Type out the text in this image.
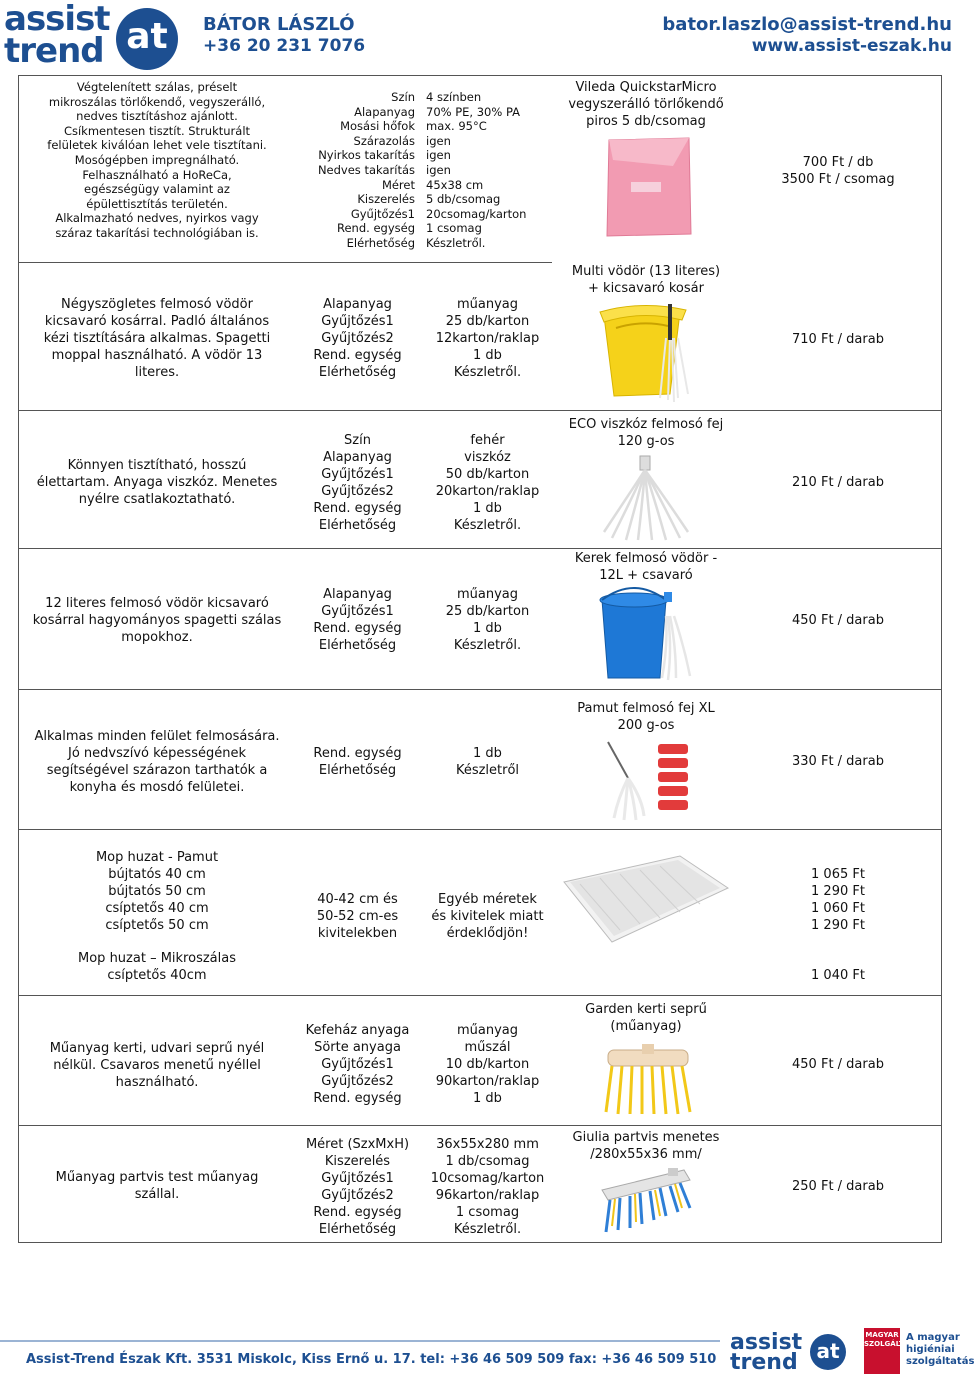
assist
trend at	BÁTOR LÁSZLÓ
+36 20 231 7076
bator.laszlo@assist-trend.hu
www.assist-eszak.hu
Végtelenített szálas, préselt
mikroszálas törlőkendő, vegyszerálló,
nedves tisztításhoz ajánlott.
Csíkmentesen tisztít. Strukturált
felületek kiválóan lehet vele tisztítani.
Mosógépben impregnálható.
Felhasználható a HoReCa,
egészségügy valamint az
épülettisztítás területén.
Alkalmazható nedves, nyirkos vagy
száraz takarítási technológiában is.
Szín
Alapanyag
Mosási hőfok
Szárazolás
Nyirkos takarítás
Nedves takarítás
Méret
Kiszerelés
Gyűjtőzés1
Rend. egység
Elérhetőség
4 színben
70% PE, 30% PA
max. 95°C
igen
igen
igen
45x38 cm
5 db/csomag
20csomag/karton
1 csomag
Készletről.
Vileda QuickstarMicro
vegyszerálló törlőkendő
piros 5 db/csomag
700 Ft / db
3500 Ft / csomag
Négyszögletes felmosó vödör
kicsavaró kosárral. Padló általános
kézi tisztítására alkalmas. Spagetti
moppal használható. A vödör 13
literes.
Alapanyag
Gyűjtőzés1
Gyűjtőzés2
Rend. egység
Elérhetőség
műanyag
25 db/karton
12karton/raklap
1 db
Készletről.
Multi vödör (13 literes)
+ kicsavaró kosár
710 Ft / darab
Könnyen tisztítható, hosszú
élettartam. Anyaga viszkóz. Menetes
nyélre csatlakoztatható.
Szín
Alapanyag
Gyűjtőzés1
Gyűjtőzés2
Rend. egység
Elérhetőség
fehér
viszkóz
50 db/karton
20karton/raklap
1 db
Készletről.
ECO viszkóz felmosó fej
120 g-os
210 Ft / darab
12 literes felmosó vödör kicsavaró
kosárral hagyományos spagetti szálas
mopokhoz.
Alapanyag
Gyűjtőzés1
Rend. egység
Elérhetőség
műanyag
25 db/karton
1 db
Készletről.
Kerek felmosó vödör -
12L + csavaró
450 Ft / darab
Alkalmas minden felület felmosására.
Jó nedvszívó képességének
segítségével szárazon tarthatók a
konyha és mosdó felületei.
Rend. egység
Elérhetőség
1 db
Készletről
Pamut felmosó fej XL
200 g-os
330 Ft / darab
Mop huzat - Pamut
bújtatós 40 cm
bújtatós 50 cm
csíptetős 40 cm
csíptetős 50 cm
Mop huzat – Mikroszálas
csíptetős 40cm
40-42 cm és
50-52 cm-es
kivitelekben
Egyéb méretek
és kivitelek miatt
érdeklődjön!
1 065 Ft
1 290 Ft
1 060 Ft
1 290 Ft
1 040 Ft
Műanyag kerti, udvari seprű nyél
nélkül. Csavaros menetű nyéllel
használható.
Kefeház anyaga
Sörte anyaga
Gyűjtőzés1
Gyűjtőzés2
Rend. egység
műanyag
műszál
10 db/karton
90karton/raklap
1 db
Garden kerti seprű
(műanyag)
450 Ft / darab
Műanyag partvis test műanyag
szállal.
Méret (SzxMxH)
Kiszerelés
Gyűjtőzés1
Gyűjtőzés2
Rend. egység
Elérhetőség
36x55x280 mm
1 db/csomag
10csomag/karton
96karton/raklap
1 csomag
Készletről.
Giulia partvis menetes
/280x55x36 mm/
250 Ft / darab
Assist-Trend Észak Kft. 3531 Miskolc, Kiss Ernő u. 17. tel: +36 46 509 509 fax: +36 46 509 510
assist
trend at
MAGYAR SZOLGÁLTATÁS
A magyar
higiéniai
szolgáltatás
